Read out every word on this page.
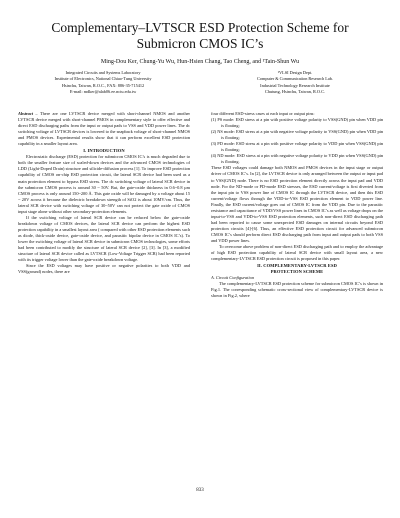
Complementary–LVTSCR ESD Protection Scheme for Submicron CMOS IC’s
Ming-Dou Ker, Chung-Yu Wu, Hun-Hsien Chang, Tao Cheng, and ¹Tain-Shun Wu
Integrated Circuits and Systems Laboratory
Institute of Electronics, National Chiao-Tung University
Hsinchu, Taiwan, R.O.C., FAX: 886-35-715412
E-mail: mdker@alab06.ee.nctu.edu.tw
¹VLSI Design Dept.
Computer & Communication Research Lab.
Industrial Technology Research Institute
Chutung, Hsinchu, Taiwan, R.O.C.

Abstract – There are one LVTSCR device merged with short-channel NMOS and another LVTSCR device merged with short-channel PMOS in complementary style to offer effective and direct ESD discharging paths from the input or output pads to VSS and VDD power lines. The dc switching voltage of LVTSCR devices is lowered to the snapback voltage of short-channel NMOS and PMOS devices. Experimental results show that it can perform excellent ESD protection capability in a smaller layout area.

I. INTRODUCTION

Electrostatic discharge (ESD) protection for submicron CMOS IC’s is much degraded due to both the smaller feature size of scaled-down devices and the advanced CMOS technologies of LDD (Light-Doped Drain) structure and silicide-diffusion process [1]. To improve ESD protection capability of CMOS on-chip ESD protection circuit, the lateral SCR device had been used as a main protection element to bypass ESD stress. The dc switching voltage of lateral SCR device in the submicron CMOS process is around 30 ~ 50V. But, the gate-oxide thickness in 0.6~0.8 µm CMOS process is only around 150~200 Å. This gate oxide will be damaged by a voltage about 15 ~ 20V across it because the dielectric breakdown strength of SiO2 is about 10MV/cm. Thus, the lateral SCR device with switching voltage of 30~50V can not protect the gate oxide of CMOS input stage alone without other secondary-protection elements.

If the switching voltage of lateral SCR device can be reduced below the gate-oxide breakdown voltage of CMOS devices, the lateral SCR device can perform the highest ESD protection capability in a smallest layout area ( compared with other ESD protection elements such as diode, thick-oxide device, gate-oxide device, and parasitic bipolar device in CMOS IC’s). To lower the switching voltage of lateral SCR device in submicron CMOS technologies, some efforts had been contributed to modify the structure of lateral SCR device [2], [3]. In [3], a modified structure of lateral SCR device called as LVTSCR (Low-Voltage Trigger SCR) had been reported with its trigger voltage lower than the gate-oxide breakdown voltage.

Since the ESD voltages may have positive or negative polarities to both VDD and VSS(ground) nodes, there are

four different ESD-stress cases at each input or output pins:

(1) PS mode: ESD stress at a pin with positive voltage polarity to VSS(GND) pin when VDD pin is floating;
(2) NS mode: ESD stress at a pin with negative voltage polarity to VSS(GND) pin when VDD pin is floating;
(3) PD mode: ESD stress at a pin with positive voltage polarity to VDD pin when VSS(GND) pin is floating;
(4) ND mode: ESD stress at a pin with negative voltage polarity to VDD pin when VSS(GND) pin is floating.

These ESD voltages could damage both NMOS and PMOS devices in the input stage or output driver of CMOS IC’s. In [2], the LVTSCR device is only arranged between the output or input pad to VSS(GND) node. There is no ESD protection element directly across the input pad and VDD node. For the ND-mode or PD-mode ESD stresses, the ESD current/voltage is first diverted from the input pin to VSS power line of CMOS IC through the LVTSCR device, and then this ESD current/voltage flows through the VDD-to-VSS ESD protection element to VDD power line. Finally, the ESD current/voltage goes out of CMOS IC from the VDD pin. Due to the parasitic resistance and capacitance of VDD/VSS power lines in CMOS IC’s as well as voltage drops on the input-to-VSS and VDD-to-VSS ESD protection elements, such non-direct ESD discharging path had been reported to cause some unexpected ESD damages on internal circuits beyond ESD protection circuits [4]-[6]. Thus, an effective ESD protection circuit for advanced submicron CMOS IC’s should perform direct ESD discharging path from input and output pads to both VSS and VDD power lines.

To overcome above problem of non-direct ESD discharging path and to employ the advantage of high ESD protection capability of lateral SCR device with small layout area, a new complementary-LVTSCR ESD protection circuit is proposed in this paper.

II. COMPLEMENTARY-LVTSCR ESD
PROTECTION SCHEME
A. Circuit Configuration

The complementary-LVTSCR ESD protection scheme for submicron CMOS IC’s is shown in Fig.1. The corresponding schematic cross-sectional view of complementary-LVTSCR device is shown in Fig.2, where

833
